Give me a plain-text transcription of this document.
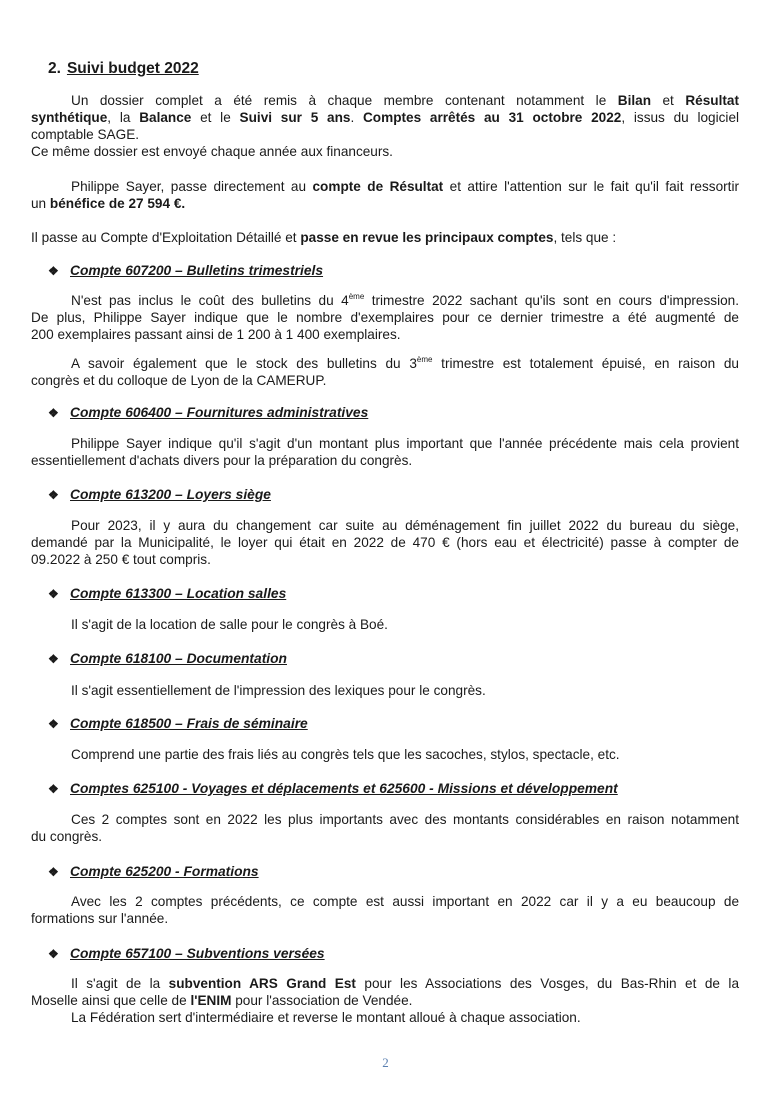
2. Suivi budget 2022
Un dossier complet a été remis à chaque membre contenant notamment le Bilan et Résultat
synthétique, la Balance et le Suivi sur 5 ans. Comptes arrêtés au 31 octobre 2022, issus du logiciel
comptable SAGE.
Ce même dossier est envoyé chaque année aux financeurs.
Philippe Sayer, passe directement au compte de Résultat et attire l'attention sur le fait qu'il fait ressortir
un bénéfice de 27 594 €.
Il passe au Compte d'Exploitation Détaillé et passe en revue les principaux comptes, tels que :
❖ Compte 607200 – Bulletins trimestriels
N'est pas inclus le coût des bulletins du 4ème trimestre 2022 sachant qu'ils sont en cours d'impression.
De plus, Philippe Sayer indique que le nombre d'exemplaires pour ce dernier trimestre a été augmenté de
200 exemplaires passant ainsi de 1 200 à 1 400 exemplaires.
A savoir également que le stock des bulletins du 3ème trimestre est totalement épuisé, en raison du
congrès et du colloque de Lyon de la CAMERUP.
❖ Compte 606400 – Fournitures administratives
Philippe Sayer indique qu'il s'agit d'un montant plus important que l'année précédente mais cela provient
essentiellement d'achats divers pour la préparation du congrès.
❖ Compte 613200 – Loyers siège
Pour 2023, il y aura du changement car suite au déménagement fin juillet 2022 du bureau du siège,
demandé par la Municipalité, le loyer qui était en 2022 de 470 € (hors eau et électricité) passe à compter de
09.2022 à 250 € tout compris.
❖ Compte 613300 – Location salles
Il s'agit de la location de salle pour le congrès à Boé.
❖ Compte 618100 – Documentation
Il s'agit essentiellement de l'impression des lexiques pour le congrès.
❖ Compte 618500 – Frais de séminaire
Comprend une partie des frais liés au congrès tels que les sacoches, stylos, spectacle, etc.
❖ Comptes 625100 - Voyages et déplacements et 625600 - Missions et développement
Ces 2 comptes sont en 2022 les plus importants avec des montants considérables en raison notamment
du congrès.
❖ Compte 625200 - Formations
Avec les 2 comptes précédents, ce compte est aussi important en 2022 car il y a eu beaucoup de
formations sur l'année.
❖ Compte 657100 – Subventions versées
Il s'agit de la subvention ARS Grand Est pour les Associations des Vosges, du Bas-Rhin et de la
Moselle ainsi que celle de l'ENIM pour l'association de Vendée.
La Fédération sert d'intermédiaire et reverse le montant alloué à chaque association.
2
